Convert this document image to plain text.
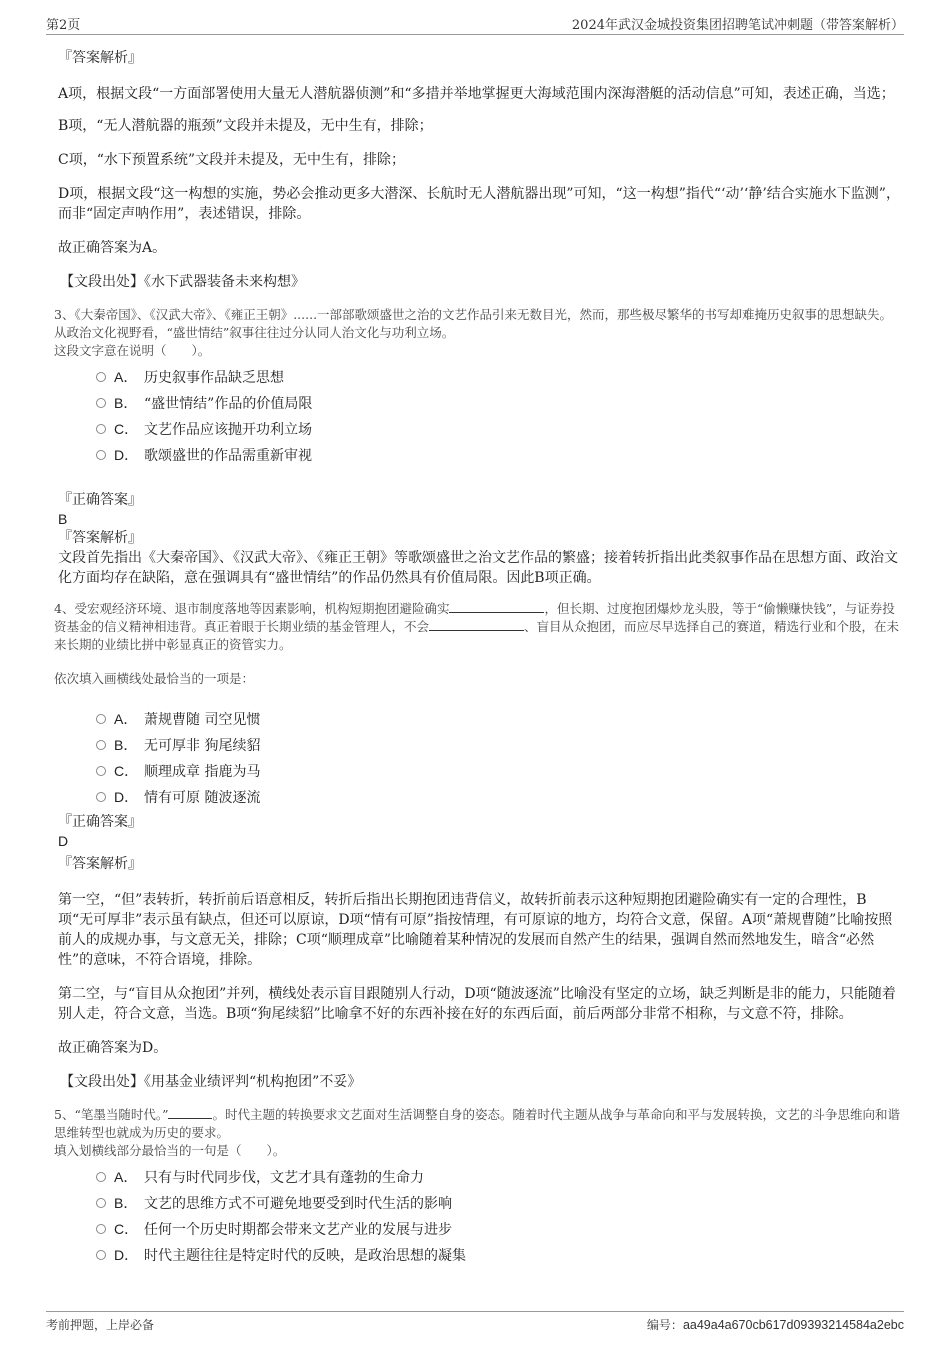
第2页	2024年武汉金城投资集团招聘笔试冲刺题（带答案解析）

『答案解析』

A项，根据文段“一方面部署使用大量无人潜航器侦测”和“多措并举地掌握更大海域范围内深海潜艇的活动信息”可知，表述正确，当选；

B项，“无人潜航器的瓶颈”文段并未提及，无中生有，排除；

C项，“水下预置系统”文段并未提及，无中生有，排除；

D项，根据文段“这一构想的实施，势必会推动更多大潜深、长航时无人潜航器出现”可知，“这一构想”指代“‘动’‘静’结合实施水下监测”，而非“固定声呐作用”，表述错误，排除。

故正确答案为A。

【文段出处】《水下武器装备未来构想》

3、《大秦帝国》、《汉武大帝》、《雍正王朝》......一部部歌颂盛世之治的文艺作品引来无数目光，然而，那些极尽繁华的书写却难掩历史叙事的思想缺失。从政治文化视野看，“盛世情结”叙事往往过分认同人治文化与功利立场。

这段文字意在说明（　　）。

A． 历史叙事作品缺乏思想
B． “盛世情结”作品的价值局限
C． 文艺作品应该抛开功利立场
D． 歌颂盛世的作品需重新审视

『正确答案』

B

『答案解析』

文段首先指出《大秦帝国》、《汉武大帝》、《雍正王朝》等歌颂盛世之治文艺作品的繁盛；接着转折指出此类叙事作品在思想方面、政治文化方面均存在缺陷，意在强调具有“盛世情结”的作品仍然具有价值局限。因此B项正确。

4、受宏观经济环境、退市制度落地等因素影响，机构短期抱团避险确实	，但长期、过度抱团爆炒龙头股，等于“偷懒赚快钱”，与证券投资基金的信义精神相违背。真正着眼于长期业绩的基金管理人，不会	、盲目从众抱团，而应尽早选择自己的赛道，精选行业和个股，在未来长期的业绩比拼中彰显真正的资管实力。

依次填入画横线处最恰当的一项是：

A． 萧规曹随 司空见惯
B． 无可厚非 狗尾续貂
C． 顺理成章 指鹿为马
D． 情有可原 随波逐流

『正确答案』

D

『答案解析』

第一空，“但”表转折，转折前后语意相反，转折后指出长期抱团违背信义，故转折前表示这种短期抱团避险确实有一定的合理性，B项“无可厚非”表示虽有缺点，但还可以原谅，D项“情有可原”指按情理，有可原谅的地方，均符合文意，保留。A项“萧规曹随”比喻按照前人的成规办事，与文意无关，排除；C项“顺理成章”比喻随着某种情况的发展而自然产生的结果，强调自然而然地发生，暗含“必然性”的意味，不符合语境，排除。

第二空，与“盲目从众抱团”并列，横线处表示盲目跟随别人行动，D项“随波逐流”比喻没有坚定的立场，缺乏判断是非的能力，只能随着别人走，符合文意，当选。B项“狗尾续貂”比喻拿不好的东西补接在好的东西后面，前后两部分非常不相称，与文意不符，排除。

故正确答案为D。

【文段出处】《用基金业绩评判“机构抱团”不妥》

5、“笔墨当随时代。”	。时代主题的转换要求文艺面对生活调整自身的姿态。随着时代主题从战争与革命向和平与发展转换，文艺的斗争思维向和谐思维转型也就成为历史的要求。

填入划横线部分最恰当的一句是（　　）。

A． 只有与时代同步伐，文艺才具有蓬勃的生命力
B． 文艺的思维方式不可避免地要受到时代生活的影响
C． 任何一个历史时期都会带来文艺产业的发展与进步
D． 时代主题往往是特定时代的反映，是政治思想的凝集
考前押题，上岸必备	编号：aa49a4a670cb617d09393214584a2ebc
